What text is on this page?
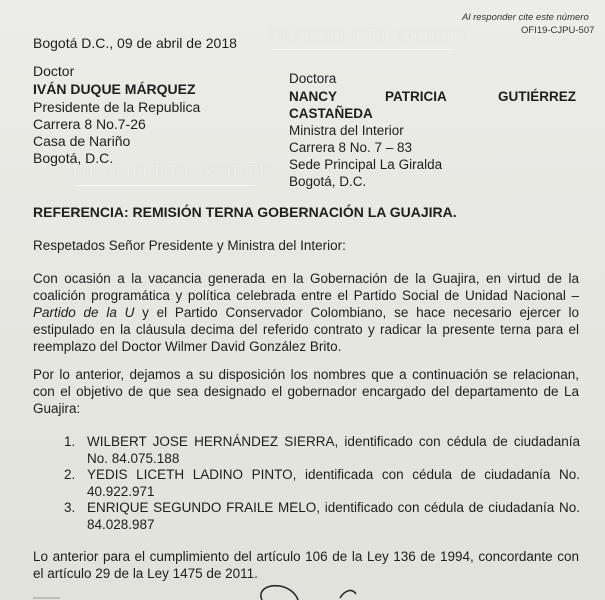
Bogotá D.C., 09 de abril de 2018
Al responder cite este número
OFI19-CJPU-507
DIARIO DEL NORTE
DIARIO DEL NORTE
Doctor
IVÁN DUQUE MÁRQUEZ
Presidente de la Republica
Carrera 8 No.7-26
Casa de Nariño
Bogotá, D.C.
Doctora
NANCY	PATRICIA	GUTIÉRREZ
CASTAÑEDA
Ministra del Interior
Carrera 8 No. 7 – 83
Sede Principal La Giralda
Bogotá, D.C.
REFERENCIA: REMISIÓN TERNA GOBERNACIÓN LA GUAJIRA.
Respetados Señor Presidente y Ministra del Interior:
Con ocasión a la vacancia generada en la Gobernación de la Guajira, en virtud de la
coalición programática y política celebrada entre el Partido Social de Unidad Nacional –
Partido de la U y el Partido Conservador Colombiano, se hace necesario ejercer lo
estipulado en la cláusula decima del referido contrato y radicar la presente terna para el
reemplazo del Doctor Wilmer David González Brito.
Por lo anterior, dejamos a su disposición los nombres que a continuación se relacionan,
con el objetivo de que sea designado el gobernador encargado del departamento de La
Guajira:
1. WILBERT JOSE HERNÁNDEZ SIERRA, identificado con cédula de ciudadanía
No. 84.075.188
2. YEDIS LICETH LADINO PINTO, identificada con cédula de ciudadanía No.
40.922.971
3. ENRIQUE SEGUNDO FRAILE MELO, identificado con cédula de ciudadanía No.
84.028.987
Lo anterior para el cumplimiento del artículo 106 de la Ley 136 de 1994, concordante con
el artículo 29 de la Ley 1475 de 2011.
